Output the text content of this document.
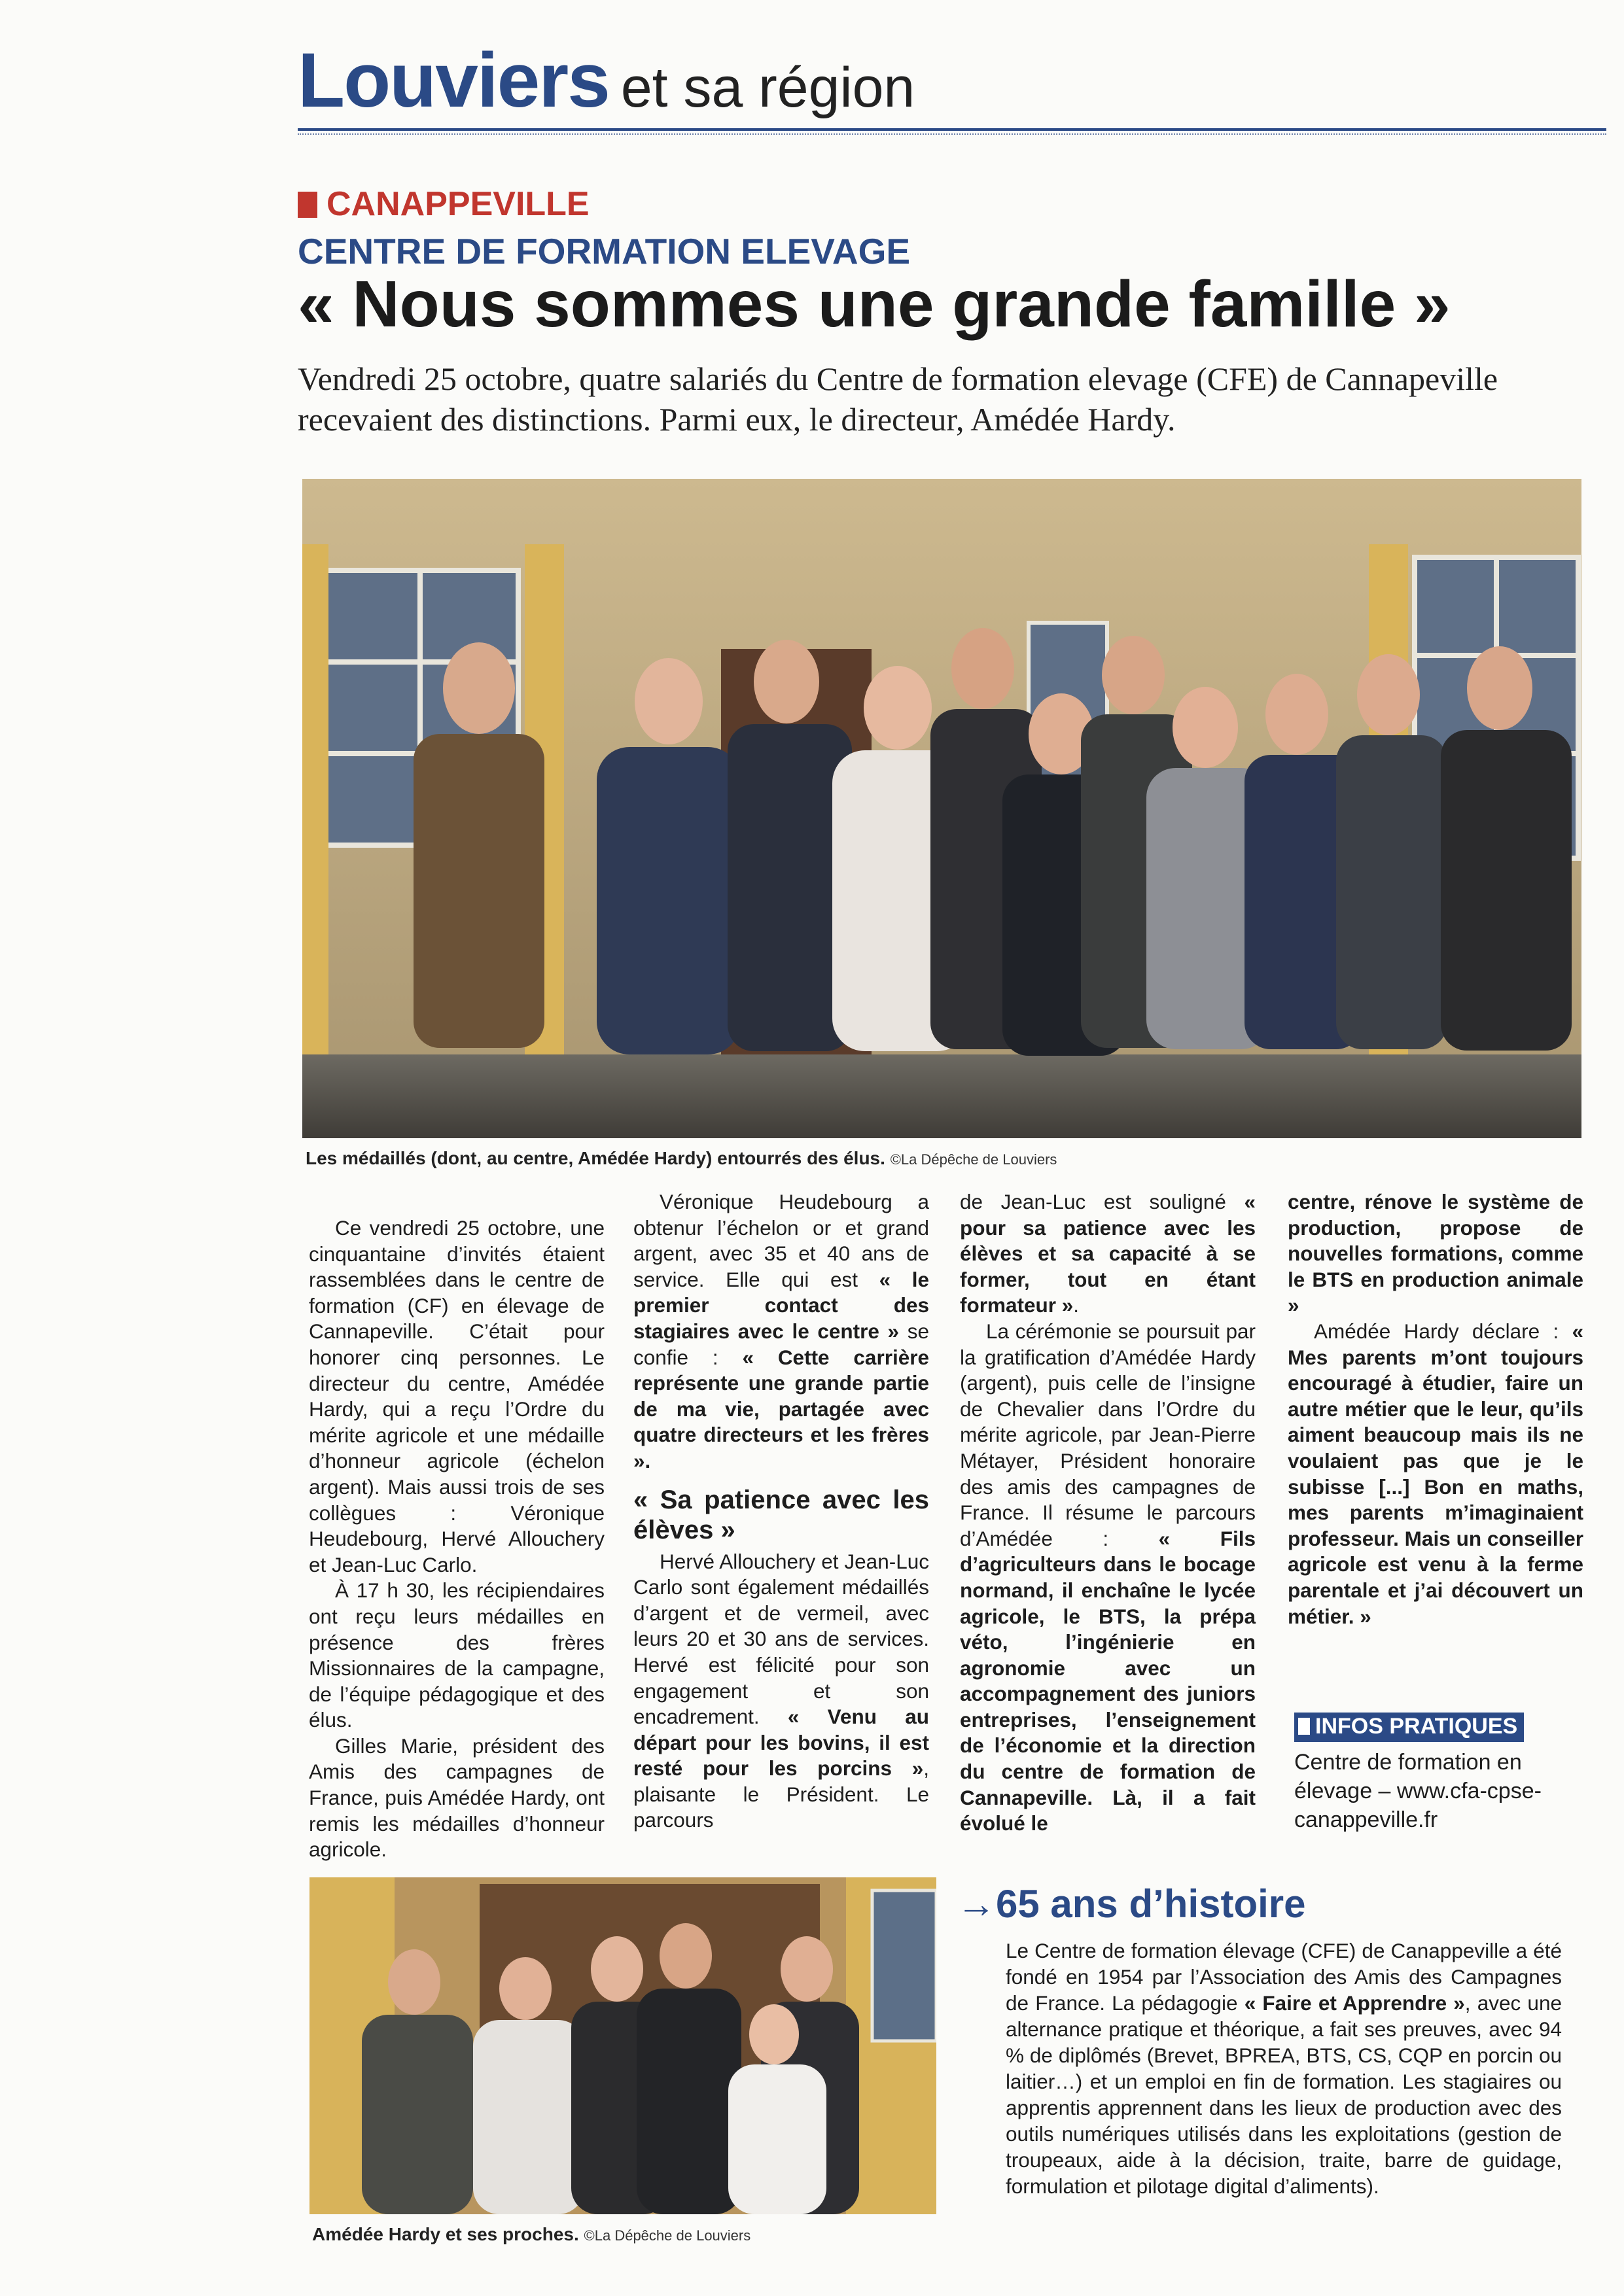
Louviers et sa région
CANAPPEVILLE
CENTRE DE FORMATION ELEVAGE
« Nous sommes une grande famille »
Vendredi 25 octobre, quatre salariés du Centre de formation elevage (CFE) de Cannapeville recevaient des distinctions. Parmi eux, le directeur, Amédée Hardy.
Les médaillés (dont, au centre, Amédée Hardy) entourrés des élus. ©La Dépêche de Louviers

Ce vendredi 25 octobre, une cinquantaine d’invités étaient rassemblées dans le centre de formation (CF) en élevage de Cannapeville. C’était pour honorer cinq personnes. Le directeur du centre, Amédée Hardy, qui a reçu l’Ordre du mérite agricole et une médaille d’honneur agricole (échelon argent). Mais aussi trois de ses collègues : Véronique Heudebourg, Hervé Allouchery et Jean-Luc Carlo.

À 17 h 30, les récipiendaires ont reçu leurs médailles en présence des frères Missionnaires de la campagne, de l’équipe pédagogique et des élus.

Gilles Marie, président des Amis des campagnes de France, puis Amédée Hardy, ont remis les médailles d’honneur agricole.

Véronique Heudebourg a obtenur l’échelon or et grand argent, avec 35 et 40 ans de service. Elle qui est « le premier contact des stagiaires avec le centre » se confie : « Cette carrière représente une grande partie de ma vie, partagée avec quatre directeurs et les frères ».

« Sa patience avec les élèves »

Hervé Allouchery et Jean-Luc Carlo sont également médaillés d’argent et de vermeil, avec leurs 20 et 30 ans de services. Hervé est félicité pour son engagement et son encadrement. « Venu au départ pour les bovins, il est resté pour les porcins », plaisante le Président. Le parcours

de Jean-Luc est souligné « pour sa patience avec les élèves et sa capacité à se former, tout en étant formateur ».

La cérémonie se poursuit par la gratification d’Amédée Hardy (argent), puis celle de l’insigne de Chevalier dans l’Ordre du mérite agricole, par Jean-Pierre Métayer, Président honoraire des amis des campagnes de France. Il résume le parcours d’Amédée : « Fils d’agriculteurs dans le bocage normand, il enchaîne le lycée agricole, le BTS, la prépa véto, l’ingénierie en agronomie avec un accompagnement des juniors entreprises, l’enseignement de l’économie et la direction du centre de formation de Cannapeville. Là, il a fait évolué le

centre, rénove le système de production, propose de nouvelles formations, comme le BTS en production animale »

Amédée Hardy déclare : « Mes parents m’ont toujours encouragé à étudier, faire un autre métier que le leur, qu’ils aiment beaucoup mais ils ne voulaient pas que je le subisse [...] Bon en maths, mes parents m’imaginaient professeur. Mais un conseiller agricole est venu à la ferme parentale et j’ai découvert un métier. »

INFOS PRATIQUES
Centre de formation en élevage – www.cfa-cpse-canappeville.fr
Amédée Hardy et ses proches. ©La Dépêche de Louviers
→65 ans d’histoire
Le Centre de formation élevage (CFE) de Canappeville a été fondé en 1954 par l’Association des Amis des Campagnes de France. La pédagogie « Faire et Apprendre », avec une alternance pratique et théorique, a fait ses preuves, avec 94 % de diplômés (Brevet, BPREA, BTS, CS, CQP en porcin ou laitier…) et un emploi en fin de formation. Les stagiaires ou apprentis apprennent dans les lieux de production avec des outils numériques utilisés dans les exploitations (gestion de troupeaux, aide à la décision, traite, barre de guidage, formulation et pilotage digital d’aliments).
